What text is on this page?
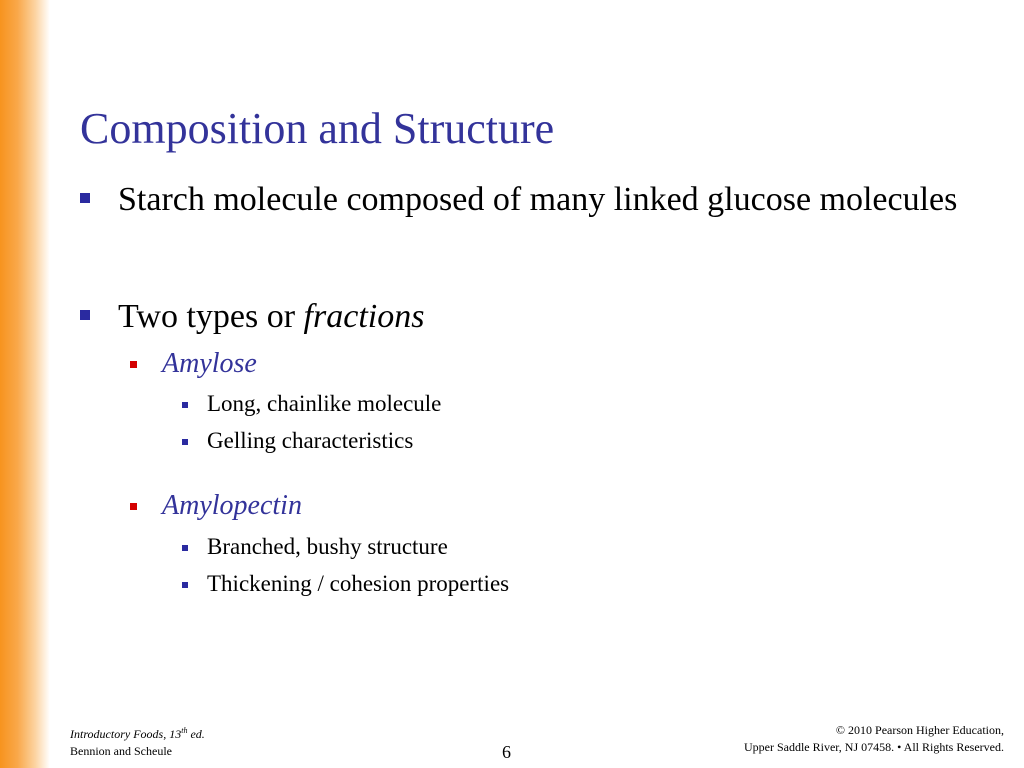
Composition and Structure
Starch molecule composed of many linked glucose molecules
Two types or fractions
Amylose
Long, chainlike molecule
Gelling characteristics
Amylopectin
Branched, bushy structure
Thickening / cohesion properties
Introductory Foods, 13th ed.
Bennion and Scheule	6
© 2010 Pearson Higher Education,
Upper Saddle River, NJ 07458. • All Rights Reserved.
